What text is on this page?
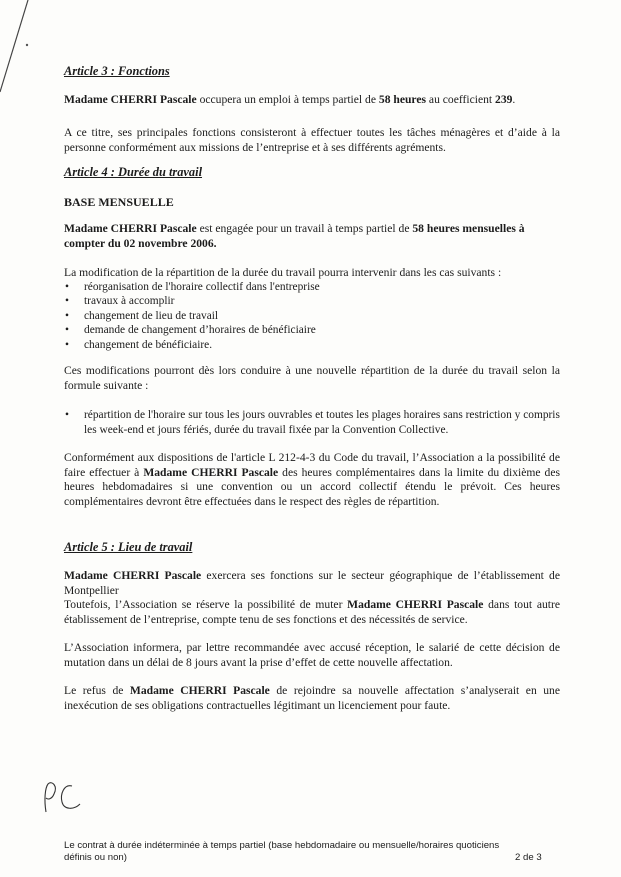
Article 3 : Fonctions
Madame CHERRI Pascale occupera un emploi à temps partiel de 58 heures au coefficient 239.
A ce titre, ses principales fonctions consisteront à effectuer toutes les tâches ménagères et d’aide à la personne conformément aux missions de l’entreprise et à ses différents agréments.
Article 4 : Durée du travail
BASE MENSUELLE
Madame CHERRI Pascale est engagée pour un travail à temps partiel de 58 heures mensuelles à compter du 02 novembre 2006.
La modification de la répartition de la durée du travail pourra intervenir dans les cas suivants :
• réorganisation de l'horaire collectif dans l'entreprise
• travaux à accomplir
• changement de lieu de travail
• demande de changement d’horaires de bénéficiaire
• changement de bénéficiaire.
Ces modifications pourront dès lors conduire à une nouvelle répartition de la durée du travail selon la formule suivante :
• répartition de l'horaire sur tous les jours ouvrables et toutes les plages horaires sans restriction y compris les week-end et jours fériés, durée du travail fixée par la Convention Collective.
Conformément aux dispositions de l'article L 212-4-3 du Code du travail, l’Association a la possibilité de faire effectuer à Madame CHERRI Pascale des heures complémentaires dans la limite du dixième des heures hebdomadaires si une convention ou un accord collectif étendu le prévoit. Ces heures complémentaires devront être effectuées dans le respect des règles de répartition.
Article 5 : Lieu de travail
Madame CHERRI Pascale exercera ses fonctions sur le secteur géographique de l’établissement de Montpellier
Toutefois, l’Association se réserve la possibilité de muter Madame CHERRI Pascale dans tout autre établissement de l’entreprise, compte tenu de ses fonctions et des nécessités de service.
L’Association informera, par lettre recommandée avec accusé réception, le salarié de cette décision de mutation dans un délai de 8 jours avant la prise d’effet de cette nouvelle affectation.
Le refus de Madame CHERRI Pascale de rejoindre sa nouvelle affectation s’analyserait en une inexécution de ses obligations contractuelles légitimant un licenciement pour faute.
Le contrat à durée indéterminée à temps partiel (base hebdomadaire ou mensuelle/horaires quoticiens définis ou non)	2 de 3
